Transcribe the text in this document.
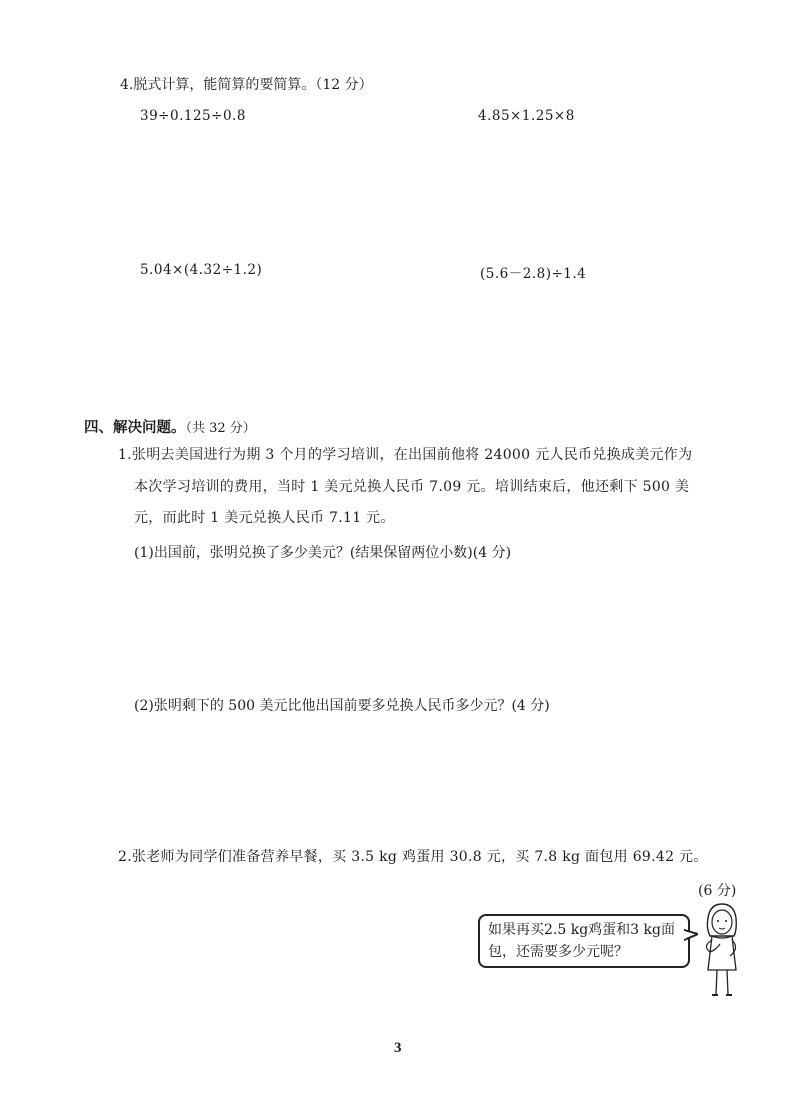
4.脱式计算，能简算的要简算。（12 分）
39÷0.125÷0.8	4.85×1.25×8
5.04×(4.32÷1.2)	(5.6－2.8)÷1.4
四、解决问题。（共 32 分）
1.张明去美国进行为期 3 个月的学习培训，在出国前他将 24000 元人民币兑换成美元作为
本次学习培训的费用，当时 1 美元兑换人民币 7.09 元。培训结束后，他还剩下 500 美
元，而此时 1 美元兑换人民币 7.11 元。
(1)出国前，张明兑换了多少美元？(结果保留两位小数)(4 分)
(2)张明剩下的 500 美元比他出国前要多兑换人民币多少元？(4 分)
2.张老师为同学们准备营养早餐，买 3.5 kg 鸡蛋用 30.8 元，买 7.8 kg 面包用 69.42 元。
(6 分)
如果再买2.5 kg鸡蛋和3 kg面包，还需要多少元呢？
3
